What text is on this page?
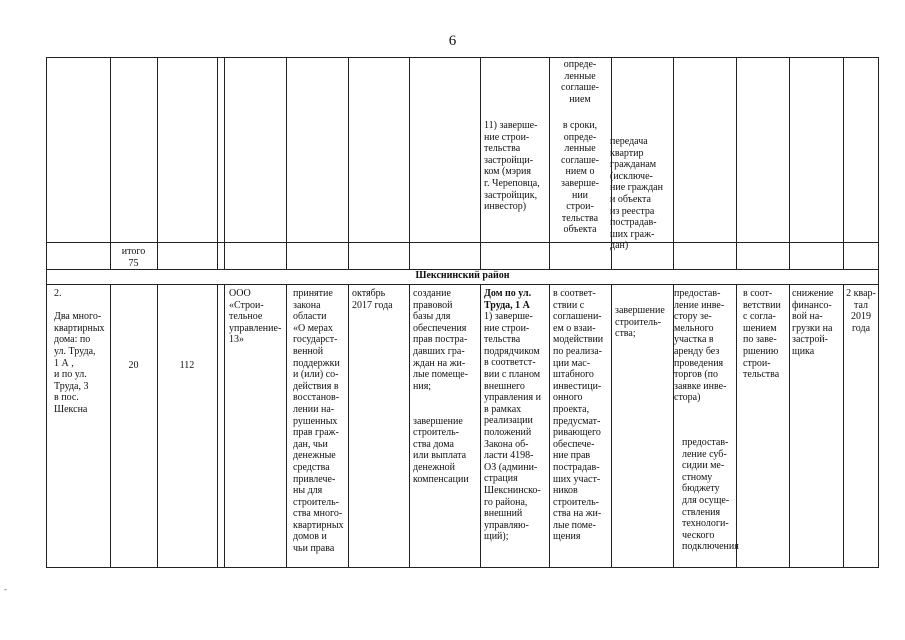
6
опреде-
ленные
соглаше-
нием
11) заверше-
ние строи-
тельства
застройщи-
ком (мэрия
г. Череповца,
застройщик,
инвестор)
в сроки,
опреде-
ленные
соглаше-
нием о
заверше-
нии
строи-
тельства
объекта
передача
квартир
гражданам
(исключе-
ние граждан
и объекта
из реестра
пострадав-
ших граж-
дан)
итого
75
Шекснинский район
2.

Два много-
квартирных
дома: по
ул. Труда,
1 А ,
и по ул.
Труда, 3
в пос.
Шексна
20	112
ООО
«Строи-
тельное
управление-
13»
принятие
закона
области
«О мерах
государст-
венной
поддержки
и (или) со-
действия в
восстанов-
лении на-
рушенных
прав граж-
дан, чьи
денежные
средства
привлече-
ны для
строитель-
ства много-
квартирных
домов и
чьи права
октябрь
2017 года
создание
правовой
базы для
обеспечения
прав постра-
давших гра-
ждан на жи-
лые помеще-
ния;

завершение
строитель-
ства дома
или выплата
денежной
компенсации
Дом по ул.
Труда, 1 А
1) заверше-
ние строи-
тельства
подрядчиком
в соответст-
вии с планом
внешнего
управления и
в рамках
реализации
положений
Закона об-
ласти 4198-
ОЗ (админи-
страция
Шекснинско-
го района,
внешний
управляю-
щий);
в соответ-
ствии с
соглашени-
ем о взаи-
модействии
по реализа-
ции мас-
штабного
инвестици-
онного
проекта,
предусмат-
ривающего
обеспече-
ние прав
пострадав-
ших участ-
ников
строитель-
ства на жи-
лые поме-
щения
завершение
строитель-
ства;
предостав-
ление инве-
стору зе-
мельного
участка в
аренду без
проведения
торгов (по
заявке инве-
стора)
предостав-
ление суб-
сидии ме-
стному
бюджету
для осуще-
ствления
технологи-
ческого
подключения
в соот-
ветствии
с согла-
шением
по заве-
ршению
строи-
тельства
снижение
финансо-
вой на-
грузки на
застрой-
щика
2 квар-
тал
2019
года
-
